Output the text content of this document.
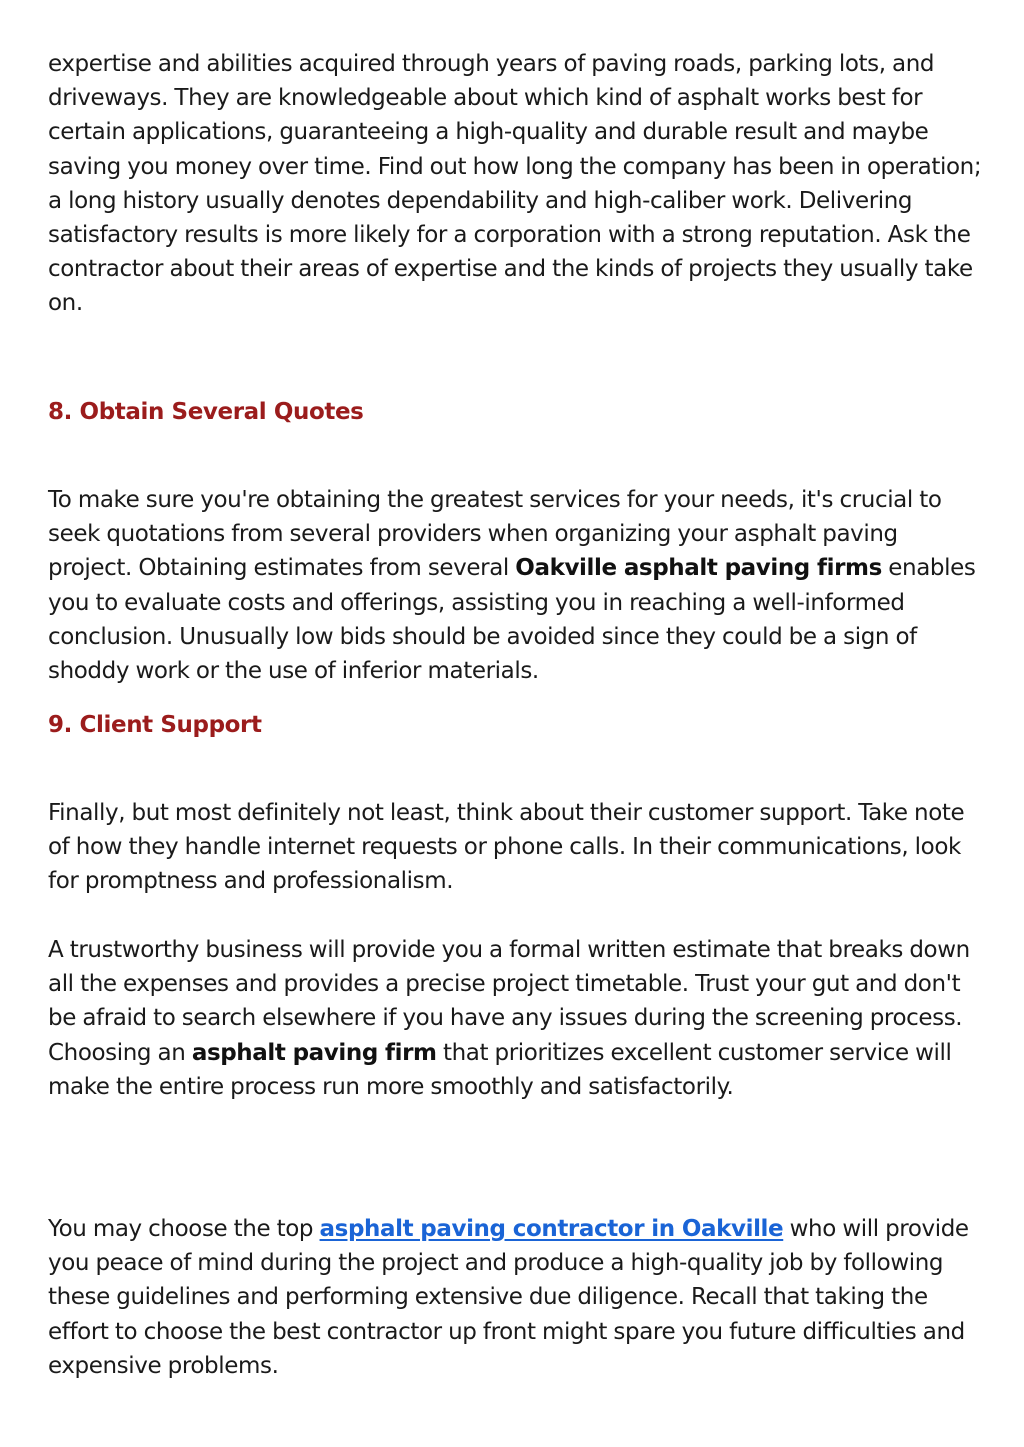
expertise and abilities acquired through years of paving roads, parking lots, and driveways. They are knowledgeable about which kind of asphalt works best for certain applications, guaranteeing a high-quality and durable result and maybe saving you money over time. Find out how long the company has been in operation; a long history usually denotes dependability and high-caliber work. Delivering satisfactory results is more likely for a corporation with a strong reputation. Ask the contractor about their areas of expertise and the kinds of projects they usually take on.

8. Obtain Several Quotes

To make sure you're obtaining the greatest services for your needs, it's crucial to seek quotations from several providers when organizing your asphalt paving project. Obtaining estimates from several Oakville asphalt paving firms enables you to evaluate costs and offerings, assisting you in reaching a well-informed conclusion. Unusually low bids should be avoided since they could be a sign of shoddy work or the use of inferior materials.

9. Client Support

Finally, but most definitely not least, think about their customer support. Take note of how they handle internet requests or phone calls. In their communications, look for promptness and professionalism.

A trustworthy business will provide you a formal written estimate that breaks down all the expenses and provides a precise project timetable. Trust your gut and don't be afraid to search elsewhere if you have any issues during the screening process. Choosing an asphalt paving firm that prioritizes excellent customer service will make the entire process run more smoothly and satisfactorily.

You may choose the top asphalt paving contractor in Oakville who will provide you peace of mind during the project and produce a high-quality job by following these guidelines and performing extensive due diligence. Recall that taking the effort to choose the best contractor up front might spare you future difficulties and expensive problems.
